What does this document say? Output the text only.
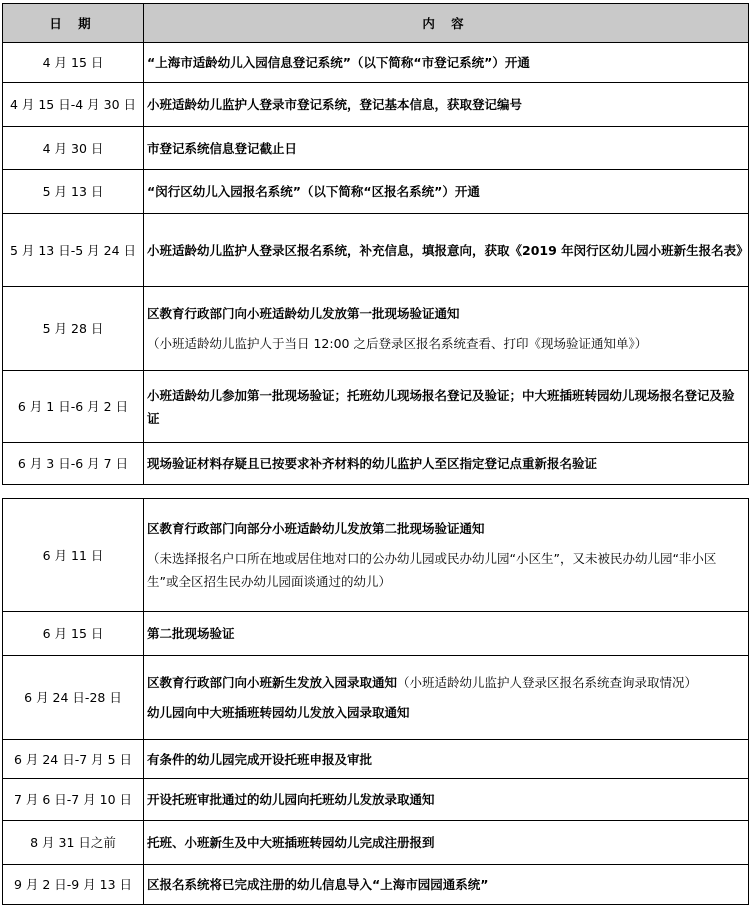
日 期	内 容
4 月 15 日	“上海市适龄幼儿入园信息登记系统”（以下简称“市登记系统”）开通
4 月 15 日-4 月 30 日	小班适龄幼儿监护人登录市登记系统，登记基本信息，获取登记编号
4 月 30 日	市登记系统信息登记截止日
5 月 13 日	“闵行区幼儿入园报名系统”（以下简称“区报名系统”）开通
5 月 13 日-5 月 24 日	小班适龄幼儿监护人登录区报名系统，补充信息，填报意向，获取《2019 年闵行区幼儿园小班新生报名表》
5 月 28 日	区教育行政部门向小班适龄幼儿发放第一批现场验证通知
（小班适龄幼儿监护人于当日 12:00 之后登录区报名系统查看、打印《现场验证通知单》）

6 月 1 日-6 月 2 日	小班适龄幼儿参加第一批现场验证；托班幼儿现场报名登记及验证；中大班插班转园幼儿现场报名登记及验证
6 月 3 日-6 月 7 日	现场验证材料存疑且已按要求补齐材料的幼儿监护人至区指定登记点重新报名验证
6 月 11 日	区教育行政部门向部分小班适龄幼儿发放第二批现场验证通知
（未选择报名户口所在地或居住地对口的公办幼儿园或民办幼儿园“小区生”，又未被民办幼儿园“非小区生”或全区招生民办幼儿园面谈通过的幼儿）

6 月 15 日	第二批现场验证
6 月 24 日-28 日	区教育行政部门向小班新生发放入园录取通知（小班适龄幼儿监护人登录区报名系统查询录取情况）
幼儿园向中大班插班转园幼儿发放入园录取通知

6 月 24 日-7 月 5 日	有条件的幼儿园完成开设托班申报及审批
7 月 6 日-7 月 10 日	开设托班审批通过的幼儿园向托班幼儿发放录取通知
8 月 31 日之前	托班、小班新生及中大班插班转园幼儿完成注册报到
9 月 2 日-9 月 13 日	区报名系统将已完成注册的幼儿信息导入“上海市园园通系统”
